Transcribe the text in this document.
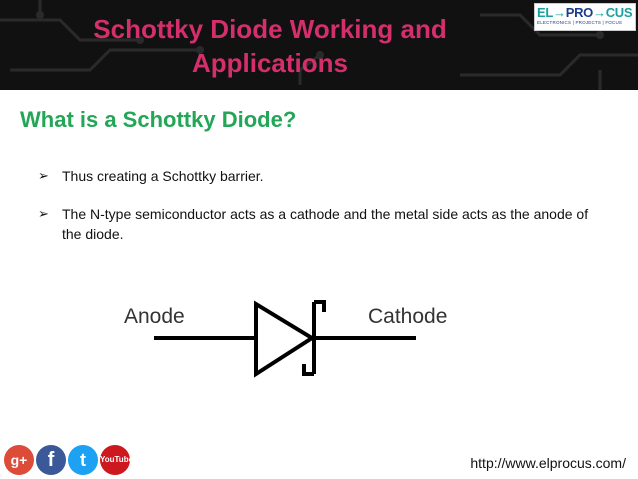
Schottky Diode Working and Applications
EL→PRO→CUS
ELECTRONICS | PROJECTS | FOCUS
What is a Schottky Diode?
➢ Thus creating a Schottky barrier.
➢ The N-type semiconductor acts as a cathode and the metal side acts as the anode of the diode.
Anode	Cathode
g+	f	t	YouTube	http://www.elprocus.com/
